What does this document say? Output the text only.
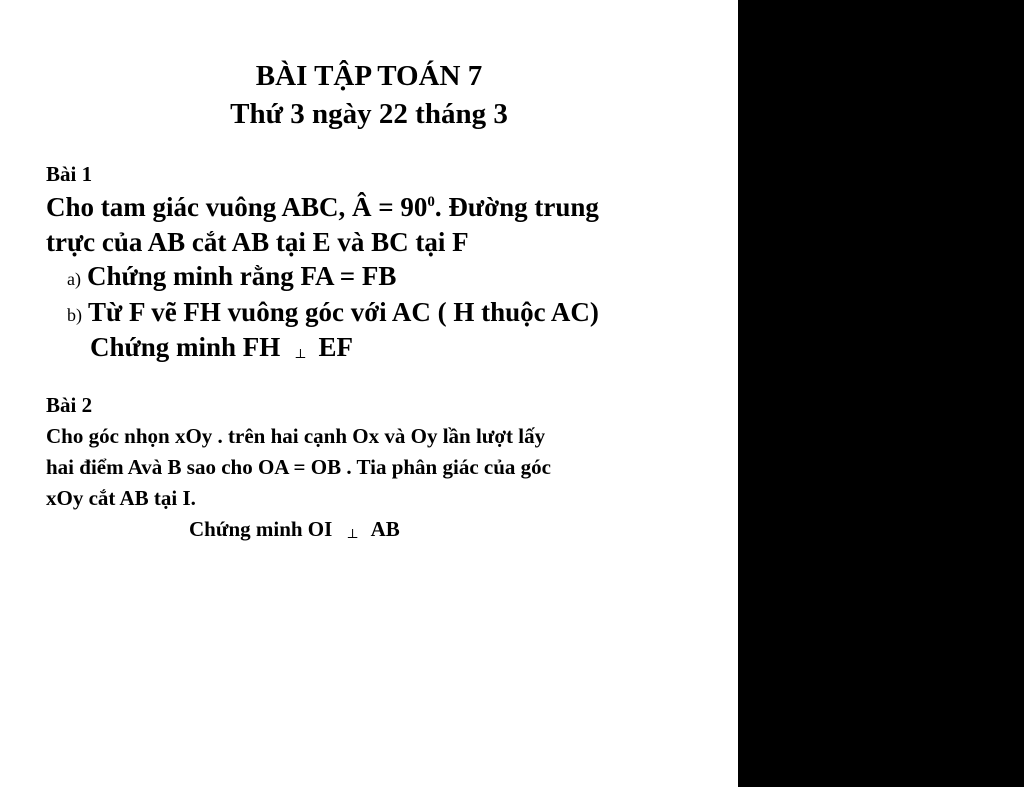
BÀI TẬP TOÁN 7
Thứ 3 ngày 22 tháng 3
Bài 1
Cho tam giác vuông ABC, Â = $90^0$. Đường trung
trực của AB cắt AB tại E và BC tại F
a) Chứng minh rằng FA = FB
b) Từ F vẽ FH vuông góc với AC ( H thuộc AC)
Chứng minh FH ⊥ EF
Bài 2
Cho góc nhọn xOy . trên hai cạnh Ox và Oy lần lượt lấy
hai điểm Avà B sao cho OA = OB . Tia phân giác của góc
xOy cắt AB tại I.
Chứng minh OI ⊥ AB
